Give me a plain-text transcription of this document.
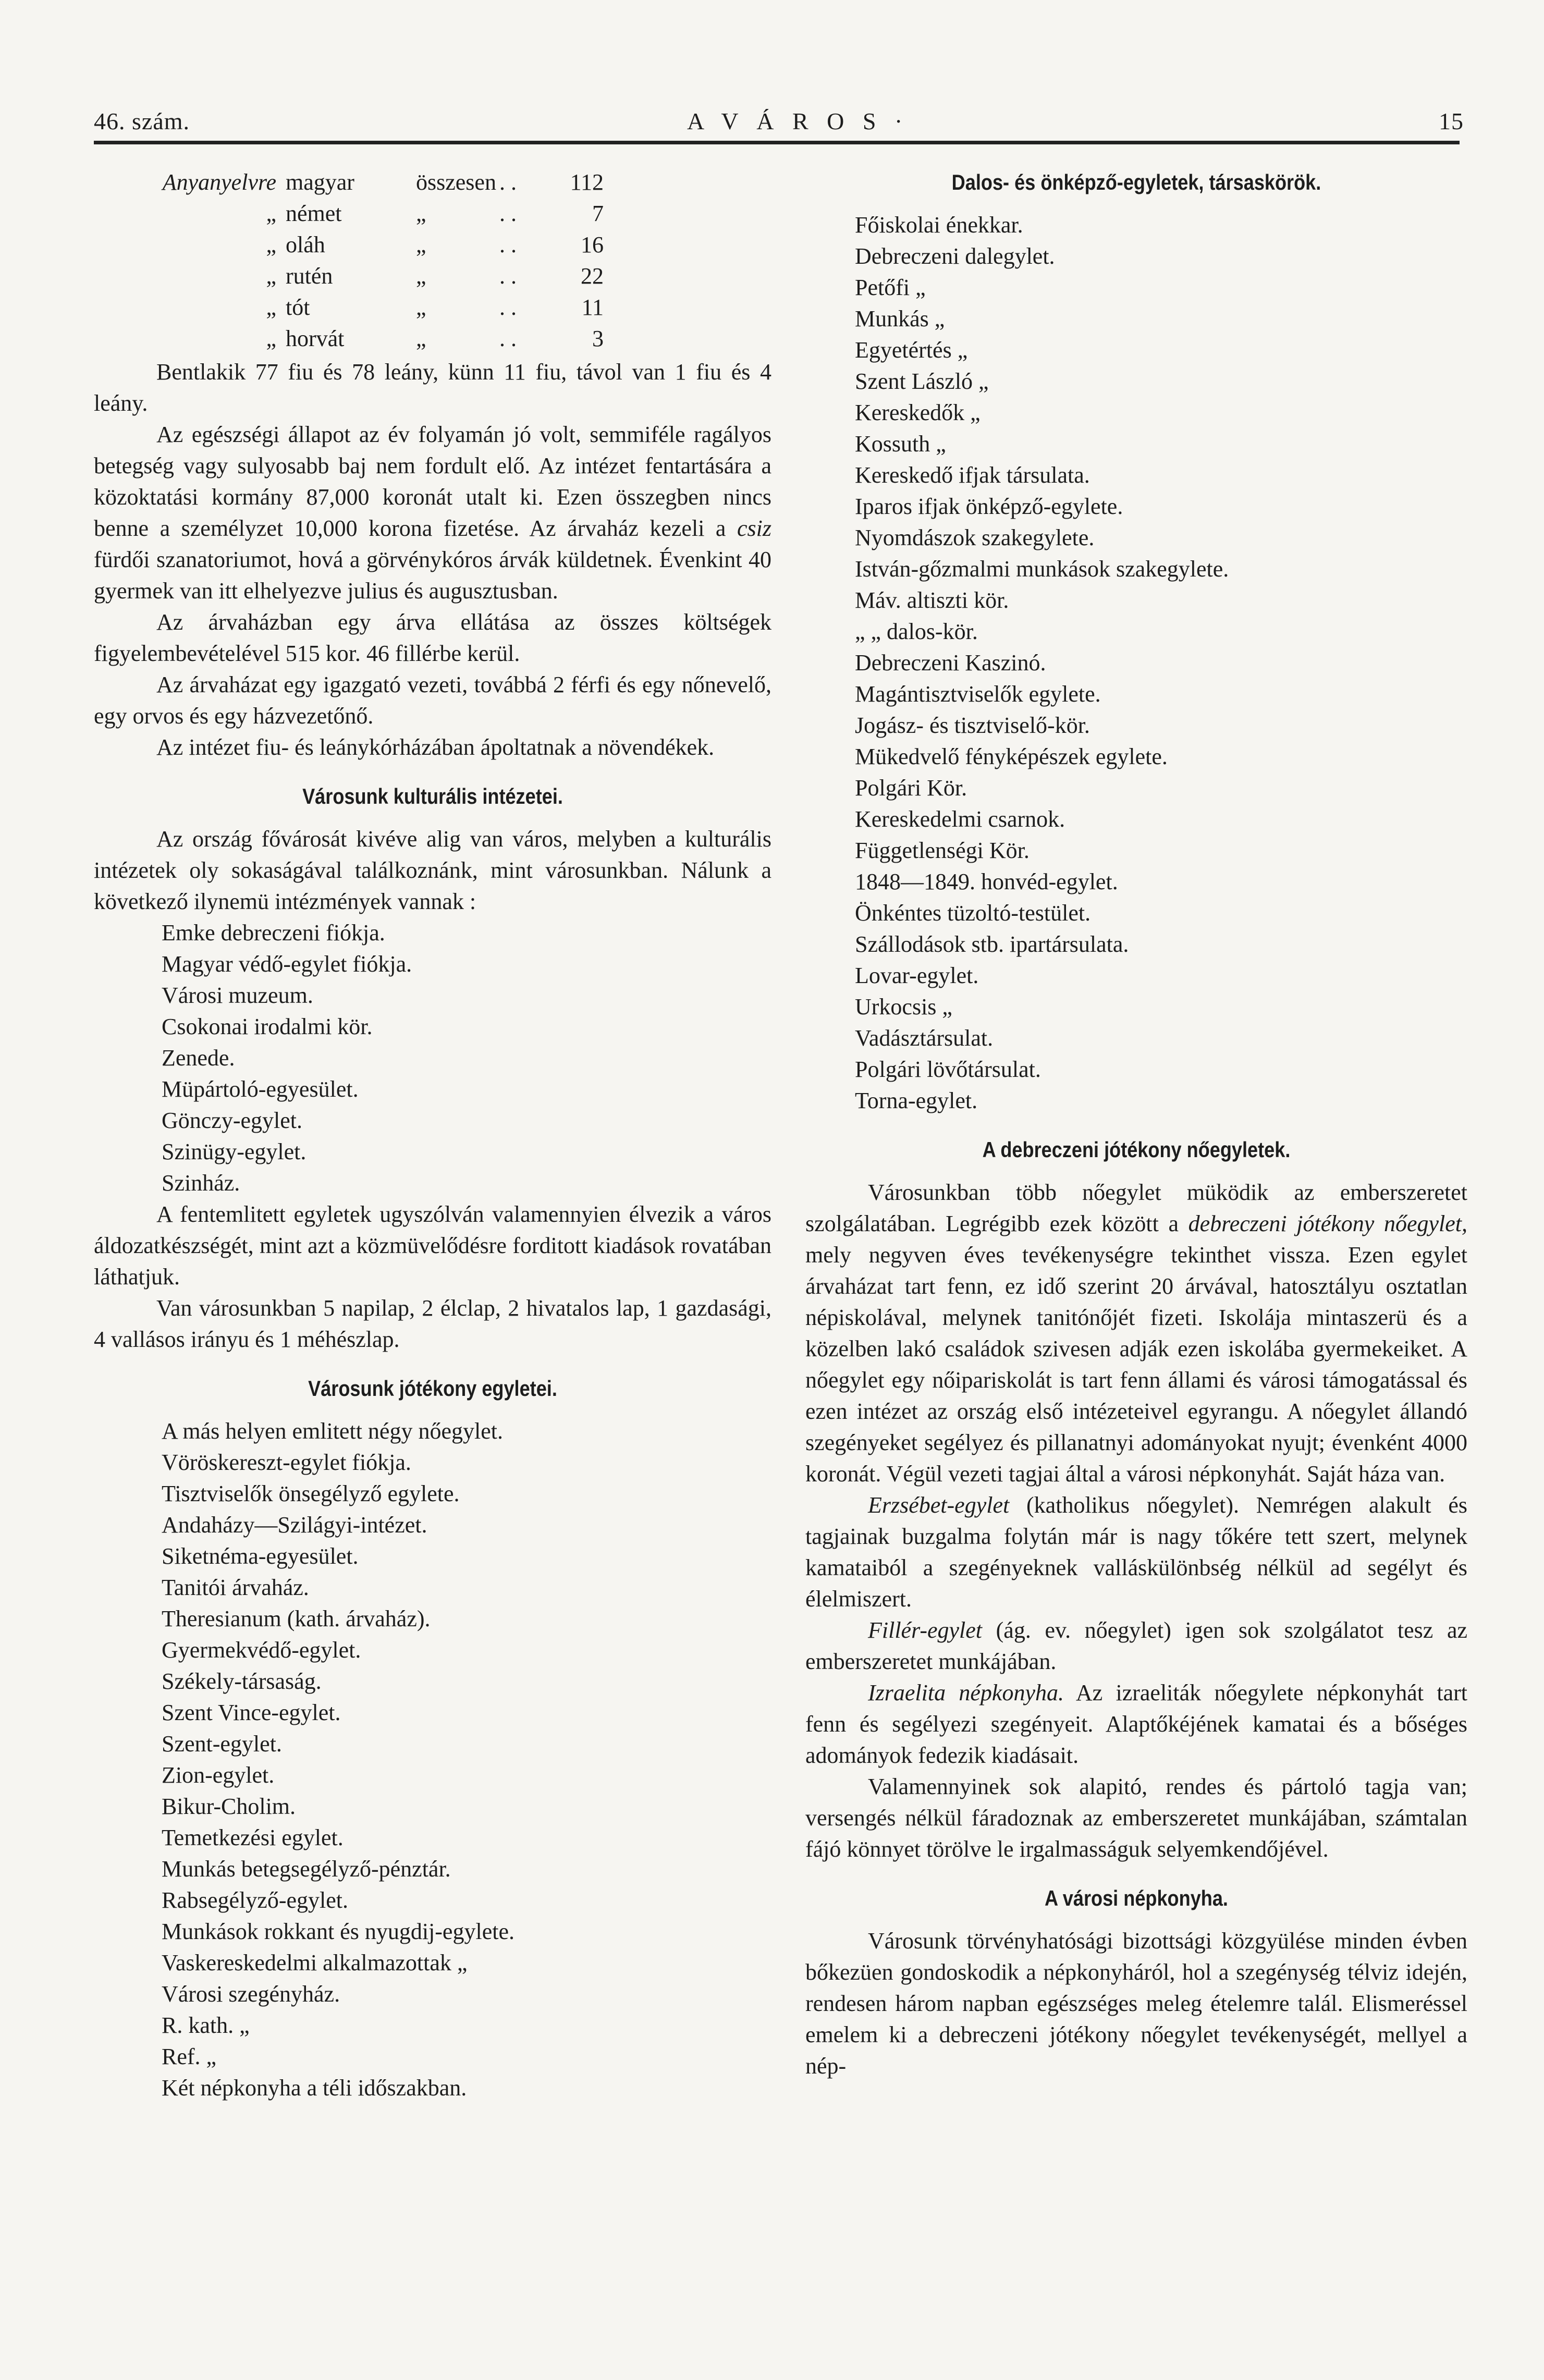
46. szám.	A V Á R O S ·	15
Anyanyelvre magyar	összesen . .	112
„ német	„	. .	7
„ oláh	„	. .	16
„ rutén	„	. .	22
„ tót	„	. .	11
„ horvát	„	. .	3

Bentlakik 77 fiu és 78 leány, künn 11 fiu, távol van 1 fiu és 4 leány.

Az egészségi állapot az év folyamán jó volt, semmiféle ragályos betegség vagy sulyosabb baj nem fordult elő. Az intézet fentartására a közoktatási kormány 87,000 koronát utalt ki. Ezen összegben nincs benne a személyzet 10,000 korona fizetése. Az árvaház kezeli a csiz fürdői szanatoriumot, hová a görvénykóros árvák küldetnek. Évenkint 40 gyermek van itt elhelyezve julius és augusztusban.

Az árvaházban egy árva ellátása az összes költségek figyelembevételével 515 kor. 46 fillérbe kerül.

Az árvaházat egy igazgató vezeti, továbbá 2 férfi és egy nőnevelő, egy orvos és egy házvezetőnő.

Az intézet fiu- és leánykórházában ápoltatnak a növendékek.

Városunk kulturális intézetei.

Az ország fővárosát kivéve alig van város, melyben a kulturális intézetek oly sokaságával találkoznánk, mint városunkban. Nálunk a következő ilynemü intézmények vannak :

Emke debreczeni fiókja.
Magyar védő-egylet fiókja.
Városi muzeum.
Csokonai irodalmi kör.
Zenede.
Müpártoló-egyesület.
Gönczy-egylet.
Szinügy-egylet.
Szinház.

A fentemlitett egyletek ugyszólván valamennyien élvezik a város áldozatkészségét, mint azt a közmüvelődésre forditott kiadások rovatában láthatjuk.

Van városunkban 5 napilap, 2 élclap, 2 hivatalos lap, 1 gazdasági, 4 vallásos irányu és 1 méhészlap.

Városunk jótékony egyletei.
A más helyen emlitett négy nőegylet.
Vöröskereszt-egylet fiókja.
Tisztviselők önsegélyző egylete.
Andaházy—Szilágyi-intézet.
Siketnéma-egyesület.
Tanitói árvaház.
Theresianum (kath. árvaház).
Gyermekvédő-egylet.
Székely-társaság.
Szent Vince-egylet.
Szent-egylet.
Zion-egylet.
Bikur-Cholim.
Temetkezési egylet.
Munkás betegsegélyző-pénztár.
Rabsegélyző-egylet.
Munkások rokkant és nyugdij-egylete.
Vaskereskedelmi alkalmazottak „
Városi szegényház.
R. kath. „
Ref. „
Két népkonyha a téli időszakban.
Dalos- és önképző-egyletek, társaskörök.
Főiskolai énekkar.
Debreczeni dalegylet.
Petőfi „
Munkás „
Egyetértés „
Szent László „
Kereskedők „
Kossuth „
Kereskedő ifjak társulata.
Iparos ifjak önképző-egylete.
Nyomdászok szakegylete.
István-gőzmalmi munkások szakegylete.
Máv. altiszti kör.
„ „ dalos-kör.
Debreczeni Kaszinó.
Magántisztviselők egylete.
Jogász- és tisztviselő-kör.
Mükedvelő fényképészek egylete.
Polgári Kör.
Kereskedelmi csarnok.
Függetlenségi Kör.
1848—1849. honvéd-egylet.
Önkéntes tüzoltó-testület.
Szállodások stb. ipartársulata.
Lovar-egylet.
Urkocsis „
Vadásztársulat.
Polgári lövőtársulat.
Torna-egylet.
A debreczeni jótékony nőegyletek.

Városunkban több nőegylet müködik az emberszeretet szolgálatában. Legrégibb ezek között a debreczeni jótékony nőegylet, mely negyven éves tevékenységre tekinthet vissza. Ezen egylet árvaházat tart fenn, ez idő szerint 20 árvával, hatosztályu osztatlan népiskolával, melynek tanitónőjét fizeti. Iskolája mintaszerü és a közelben lakó családok szivesen adják ezen iskolába gyermekeiket. A nőegylet egy nőipariskolát is tart fenn állami és városi támogatással és ezen intézet az ország első intézeteivel egyrangu. A nőegylet állandó szegényeket segélyez és pillanatnyi adományokat nyujt; évenként 4000 koronát. Végül vezeti tagjai által a városi népkonyhát. Saját háza van.

Erzsébet-egylet (katholikus nőegylet). Nemrégen alakult és tagjainak buzgalma folytán már is nagy tőkére tett szert, melynek kamataiból a szegényeknek valláskülönbség nélkül ad segélyt és élelmiszert.

Fillér-egylet (ág. ev. nőegylet) igen sok szolgálatot tesz az emberszeretet munkájában.

Izraelita népkonyha. Az izraeliták nőegylete népkonyhát tart fenn és segélyezi szegényeit. Alaptőkéjének kamatai és a bőséges adományok fedezik kiadásait.

Valamennyinek sok alapitó, rendes és pártoló tagja van; versengés nélkül fáradoznak az emberszeretet munkájában, számtalan fájó könnyet törölve le irgalmasságuk selyemkendőjével.

A városi népkonyha.

Városunk törvényhatósági bizottsági közgyülése minden évben bőkezüen gondoskodik a népkonyháról, hol a szegénység télviz idején, rendesen három napban egészséges meleg ételemre talál. Elismeréssel emelem ki a debreczeni jótékony nőegylet tevékenységét, mellyel a nép-
